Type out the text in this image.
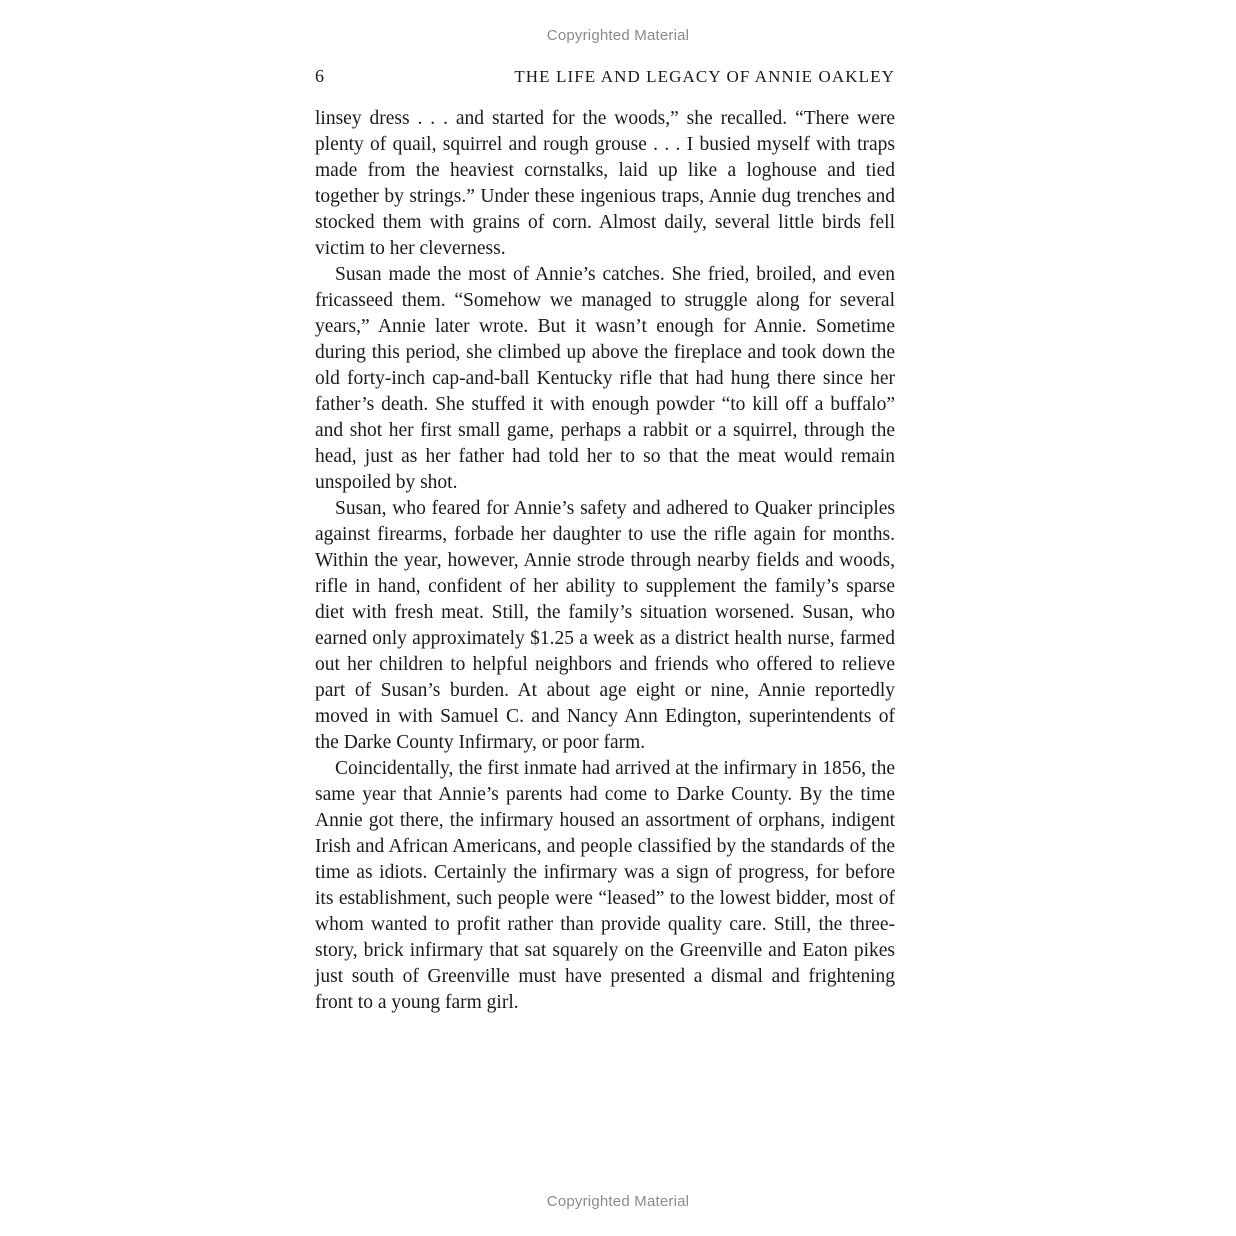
Copyrighted Material
6	THE LIFE AND LEGACY OF ANNIE OAKLEY

linsey dress . . . and started for the woods,” she recalled. “There were plenty of quail, squirrel and rough grouse . . . I busied myself with traps made from the heaviest cornstalks, laid up like a loghouse and tied together by strings.” Under these ingenious traps, Annie dug trenches and stocked them with grains of corn. Almost daily, several little birds fell victim to her cleverness.

Susan made the most of Annie’s catches. She fried, broiled, and even fricasseed them. “Somehow we managed to struggle along for several years,” Annie later wrote. But it wasn’t enough for Annie. Sometime during this period, she climbed up above the fireplace and took down the old forty-inch cap-and-ball Kentucky rifle that had hung there since her father’s death. She stuffed it with enough powder “to kill off a buffalo” and shot her first small game, perhaps a rabbit or a squirrel, through the head, just as her father had told her to so that the meat would remain unspoiled by shot.

Susan, who feared for Annie’s safety and adhered to Quaker principles against firearms, forbade her daughter to use the rifle again for months. Within the year, however, Annie strode through nearby fields and woods, rifle in hand, confident of her ability to supplement the family’s sparse diet with fresh meat. Still, the family’s situation worsened. Susan, who earned only approximately $1.25 a week as a district health nurse, farmed out her children to helpful neighbors and friends who offered to relieve part of Susan’s burden. At about age eight or nine, Annie reportedly moved in with Samuel C. and Nancy Ann Edington, superintendents of the Darke County Infirmary, or poor farm.

Coincidentally, the first inmate had arrived at the infirmary in 1856, the same year that Annie’s parents had come to Darke County. By the time Annie got there, the infirmary housed an assortment of orphans, indigent Irish and African Americans, and people classified by the standards of the time as idiots. Certainly the infirmary was a sign of progress, for before its establishment, such people were “leased” to the lowest bidder, most of whom wanted to profit rather than provide quality care. Still, the three-story, brick infirmary that sat squarely on the Greenville and Eaton pikes just south of Greenville must have presented a dismal and frightening front to a young farm girl.

Copyrighted Material
